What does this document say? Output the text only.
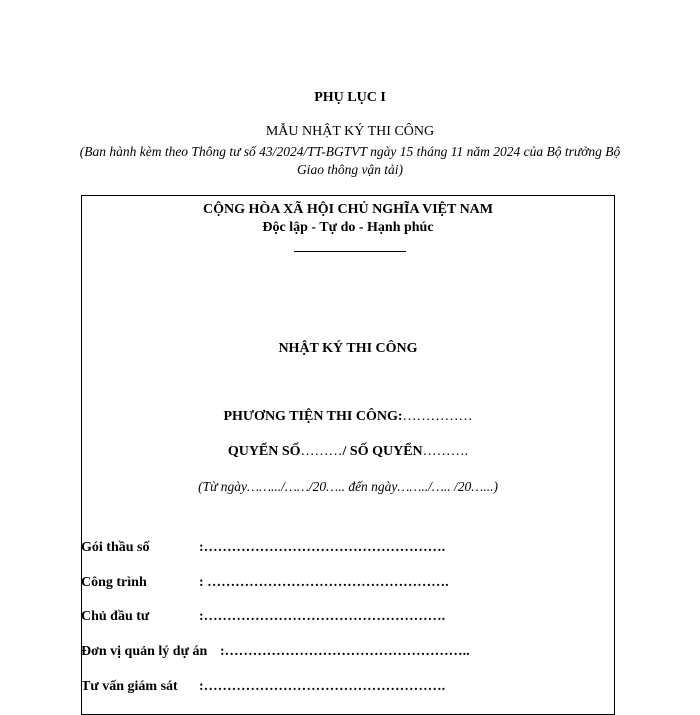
PHỤ LỤC I
MẪU NHẬT KÝ THI CÔNG
(Ban hành kèm theo Thông tư số 43/2024/TT-BGTVT ngày 15 tháng 11 năm 2024 của Bộ trưởng Bộ Giao thông vận tải)
CỘNG HÒA XÃ HỘI CHỦ NGHĨA VIỆT NAM
Độc lập - Tự do - Hạnh phúc
NHẬT KÝ THI CÔNG
PHƯƠNG TIỆN THI CÔNG:……………
QUYỂN SỐ………/ SỐ QUYỂN……….
(Từ ngày…….../……/20….. đến ngày……../….. /20…...)
Gói thầu số	:…………………………………………….
Công trình	: …………………………………………….
Chủ đầu tư	:…………………………………………….
Đơn vị quản lý dự án :……………………………………………..
Tư vấn giám sát :…………………………………………….
